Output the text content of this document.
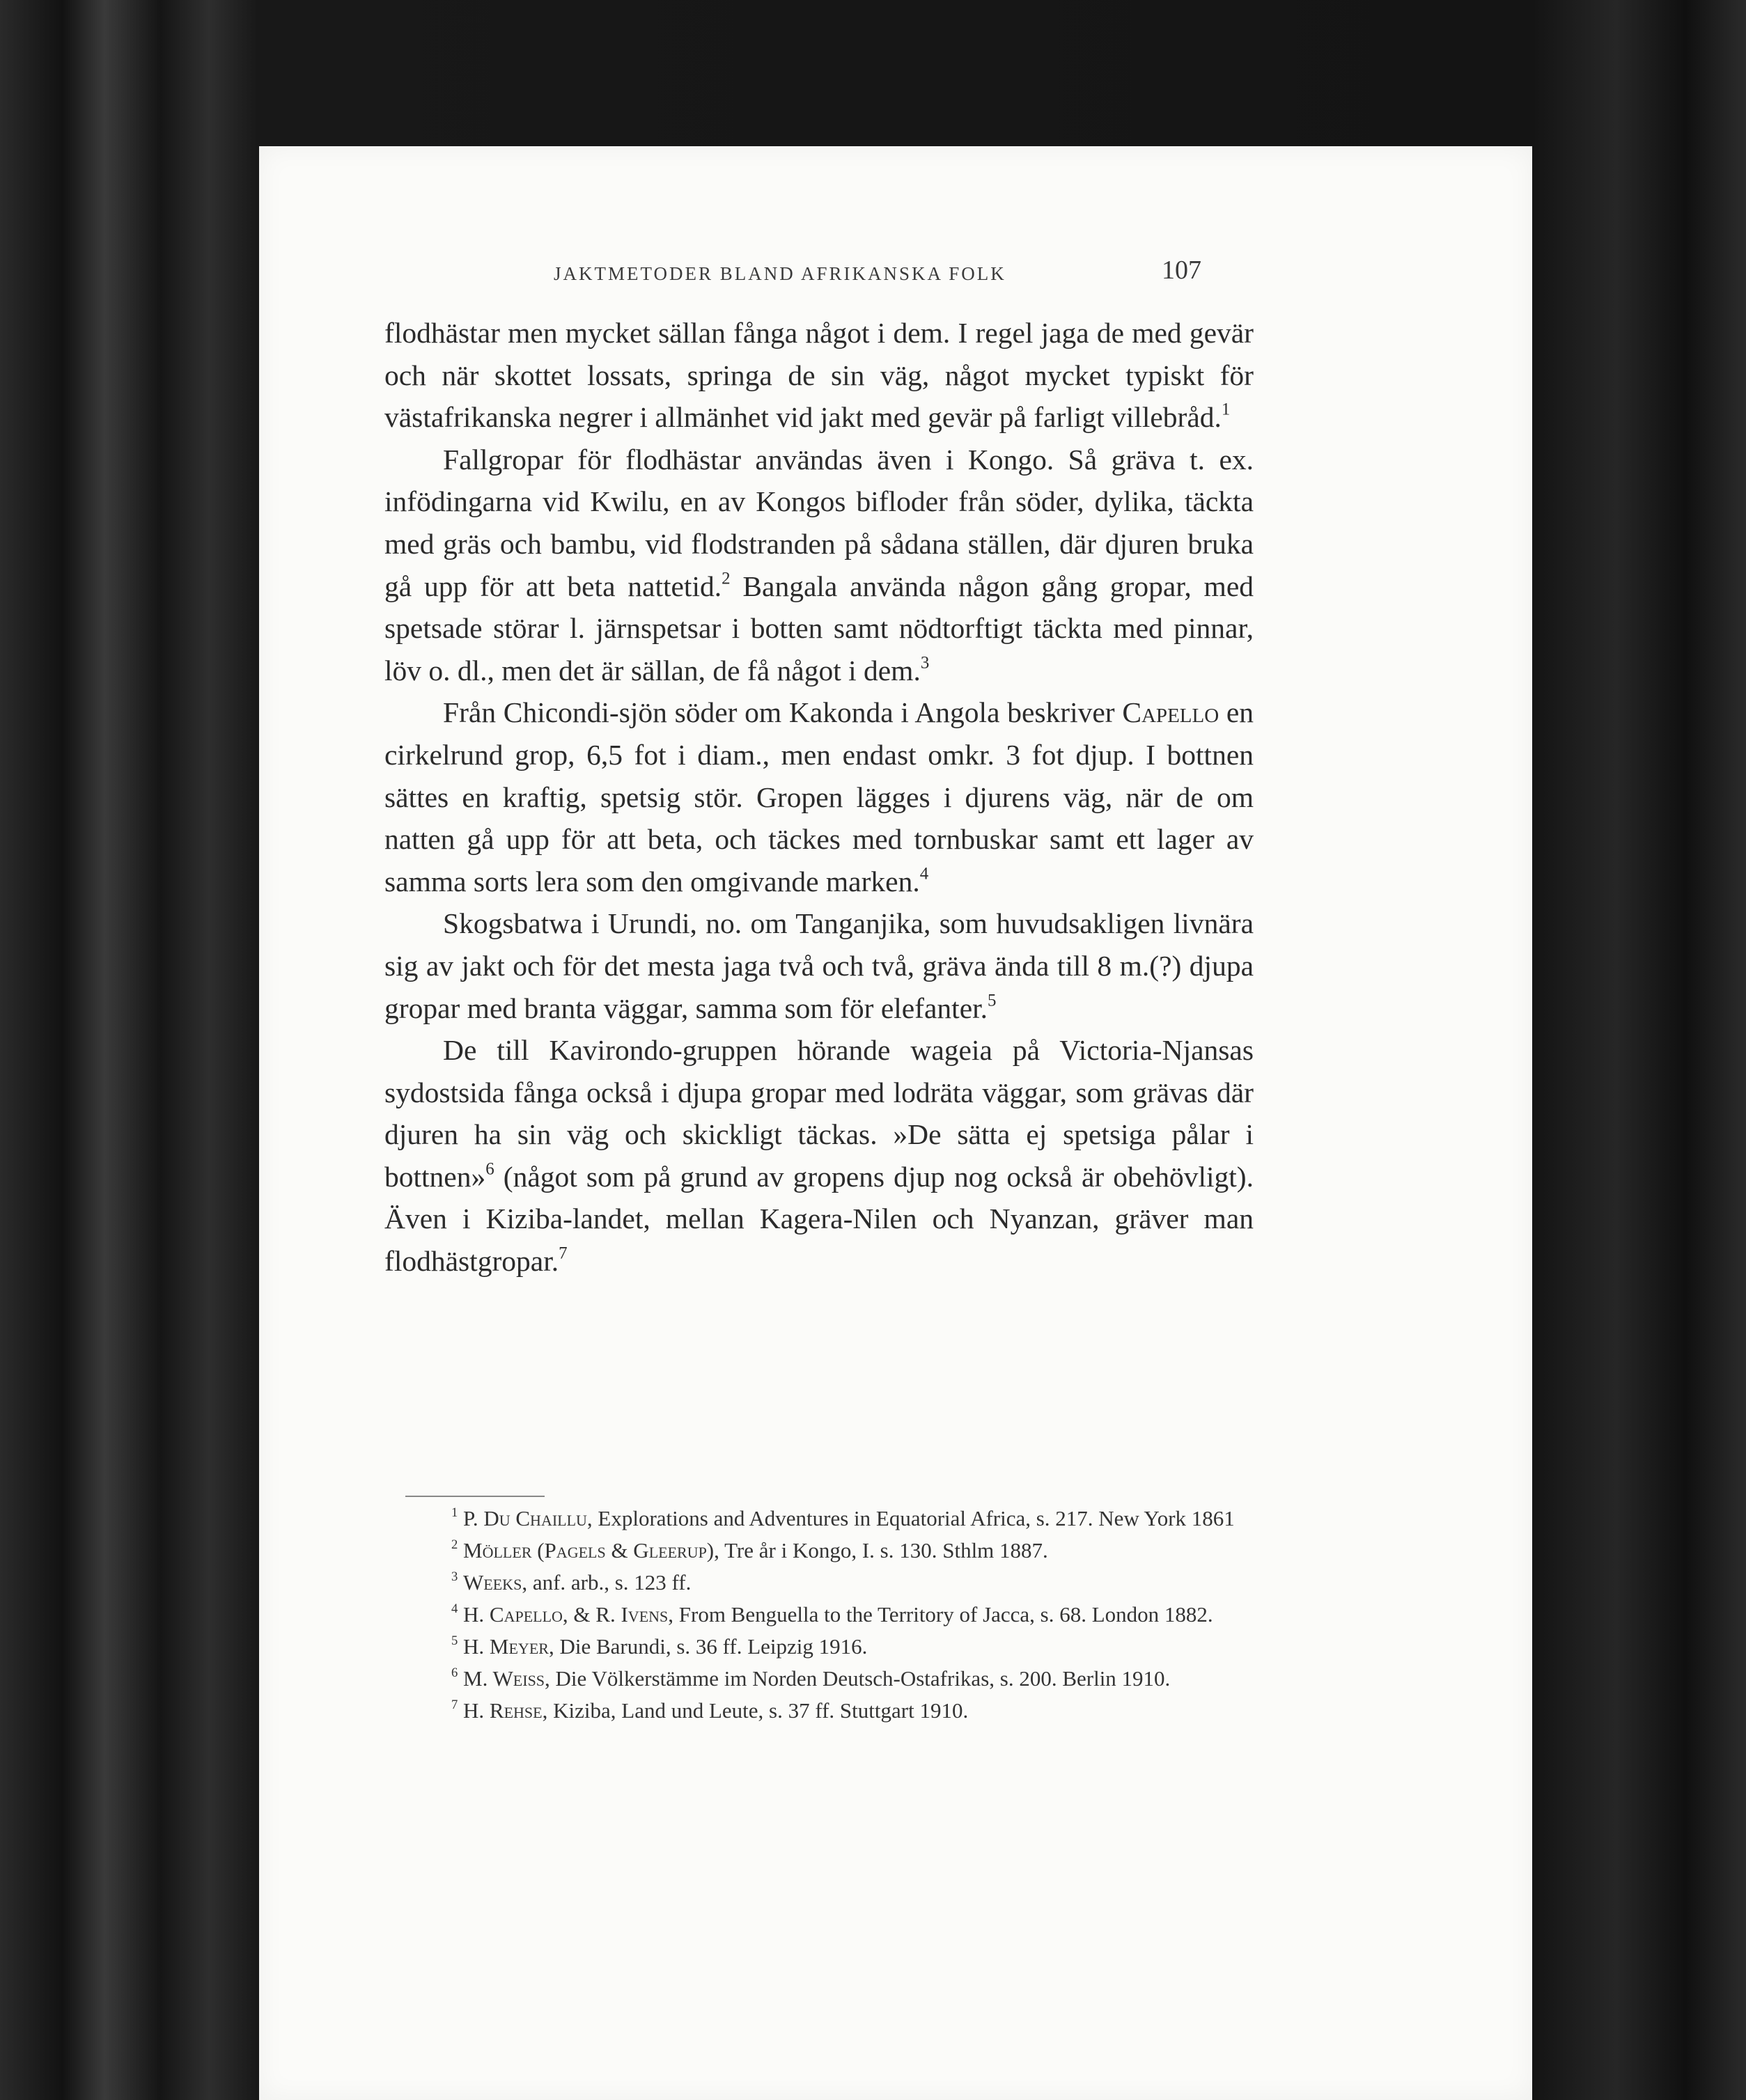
JAKTMETODER BLAND AFRIKANSKA FOLK	107

flodhästar men mycket sällan fånga något i dem. I regel jaga de med gevär och när skottet lossats, springa de sin väg, något mycket typiskt för västafrikanska negrer i allmänhet vid jakt med gevär på farligt villebråd.$^1$

Fallgropar för flodhästar användas även i Kongo. Så gräva t. ex. infödingarna vid Kwilu, en av Kongos bifloder från söder, dylika, täckta med gräs och bambu, vid flodstranden på sådana ställen, där djuren bruka gå upp för att beta nattetid.$^2$ Bangala använda någon gång gropar, med spetsade störar l. järnspetsar i botten samt nödtorftigt täckta med pinnar, löv o. dl., men det är sällan, de få något i dem.$^3$

Från Chicondi-sjön söder om Kakonda i Angola beskriver Capello en cirkelrund grop, 6,5 fot i diam., men endast omkr. 3 fot djup. I bottnen sättes en kraftig, spetsig stör. Gropen lägges i djurens väg, när de om natten gå upp för att beta, och täckes med tornbuskar samt ett lager av samma sorts lera som den omgivande marken.$^4$

Skogsbatwa i Urundi, no. om Tanganjika, som huvudsakligen livnära sig av jakt och för det mesta jaga två och två, gräva ända till 8 m.(?) djupa gropar med branta väggar, samma som för elefanter.$^5$

De till Kavirondo-gruppen hörande wageia på Victoria-Njansas sydostsida fånga också i djupa gropar med lodräta väggar, som grävas där djuren ha sin väg och skickligt täckas. »De sätta ej spetsiga pålar i bottnen»$^6$ (något som på grund av gropens djup nog också är obehövligt). Även i Kiziba-landet, mellan Kagera-Nilen och Nyanzan, gräver man flodhästgropar.$^7$

$^1$ P. Du Chaillu, Explorations and Adventures in Equatorial Africa, s. 217. New York 1861

$^2$ Möller (Pagels & Gleerup), Tre år i Kongo, I. s. 130. Sthlm 1887.

$^3$ Weeks, anf. arb., s. 123 ff.

$^4$ H. Capello, & R. Ivens, From Benguella to the Territory of Jacca, s. 68. London 1882.

$^5$ H. Meyer, Die Barundi, s. 36 ff. Leipzig 1916.

$^6$ M. Weiss, Die Völkerstämme im Norden Deutsch-Ostafrikas, s. 200. Berlin 1910.

$^7$ H. Rehse, Kiziba, Land und Leute, s. 37 ff. Stuttgart 1910.
